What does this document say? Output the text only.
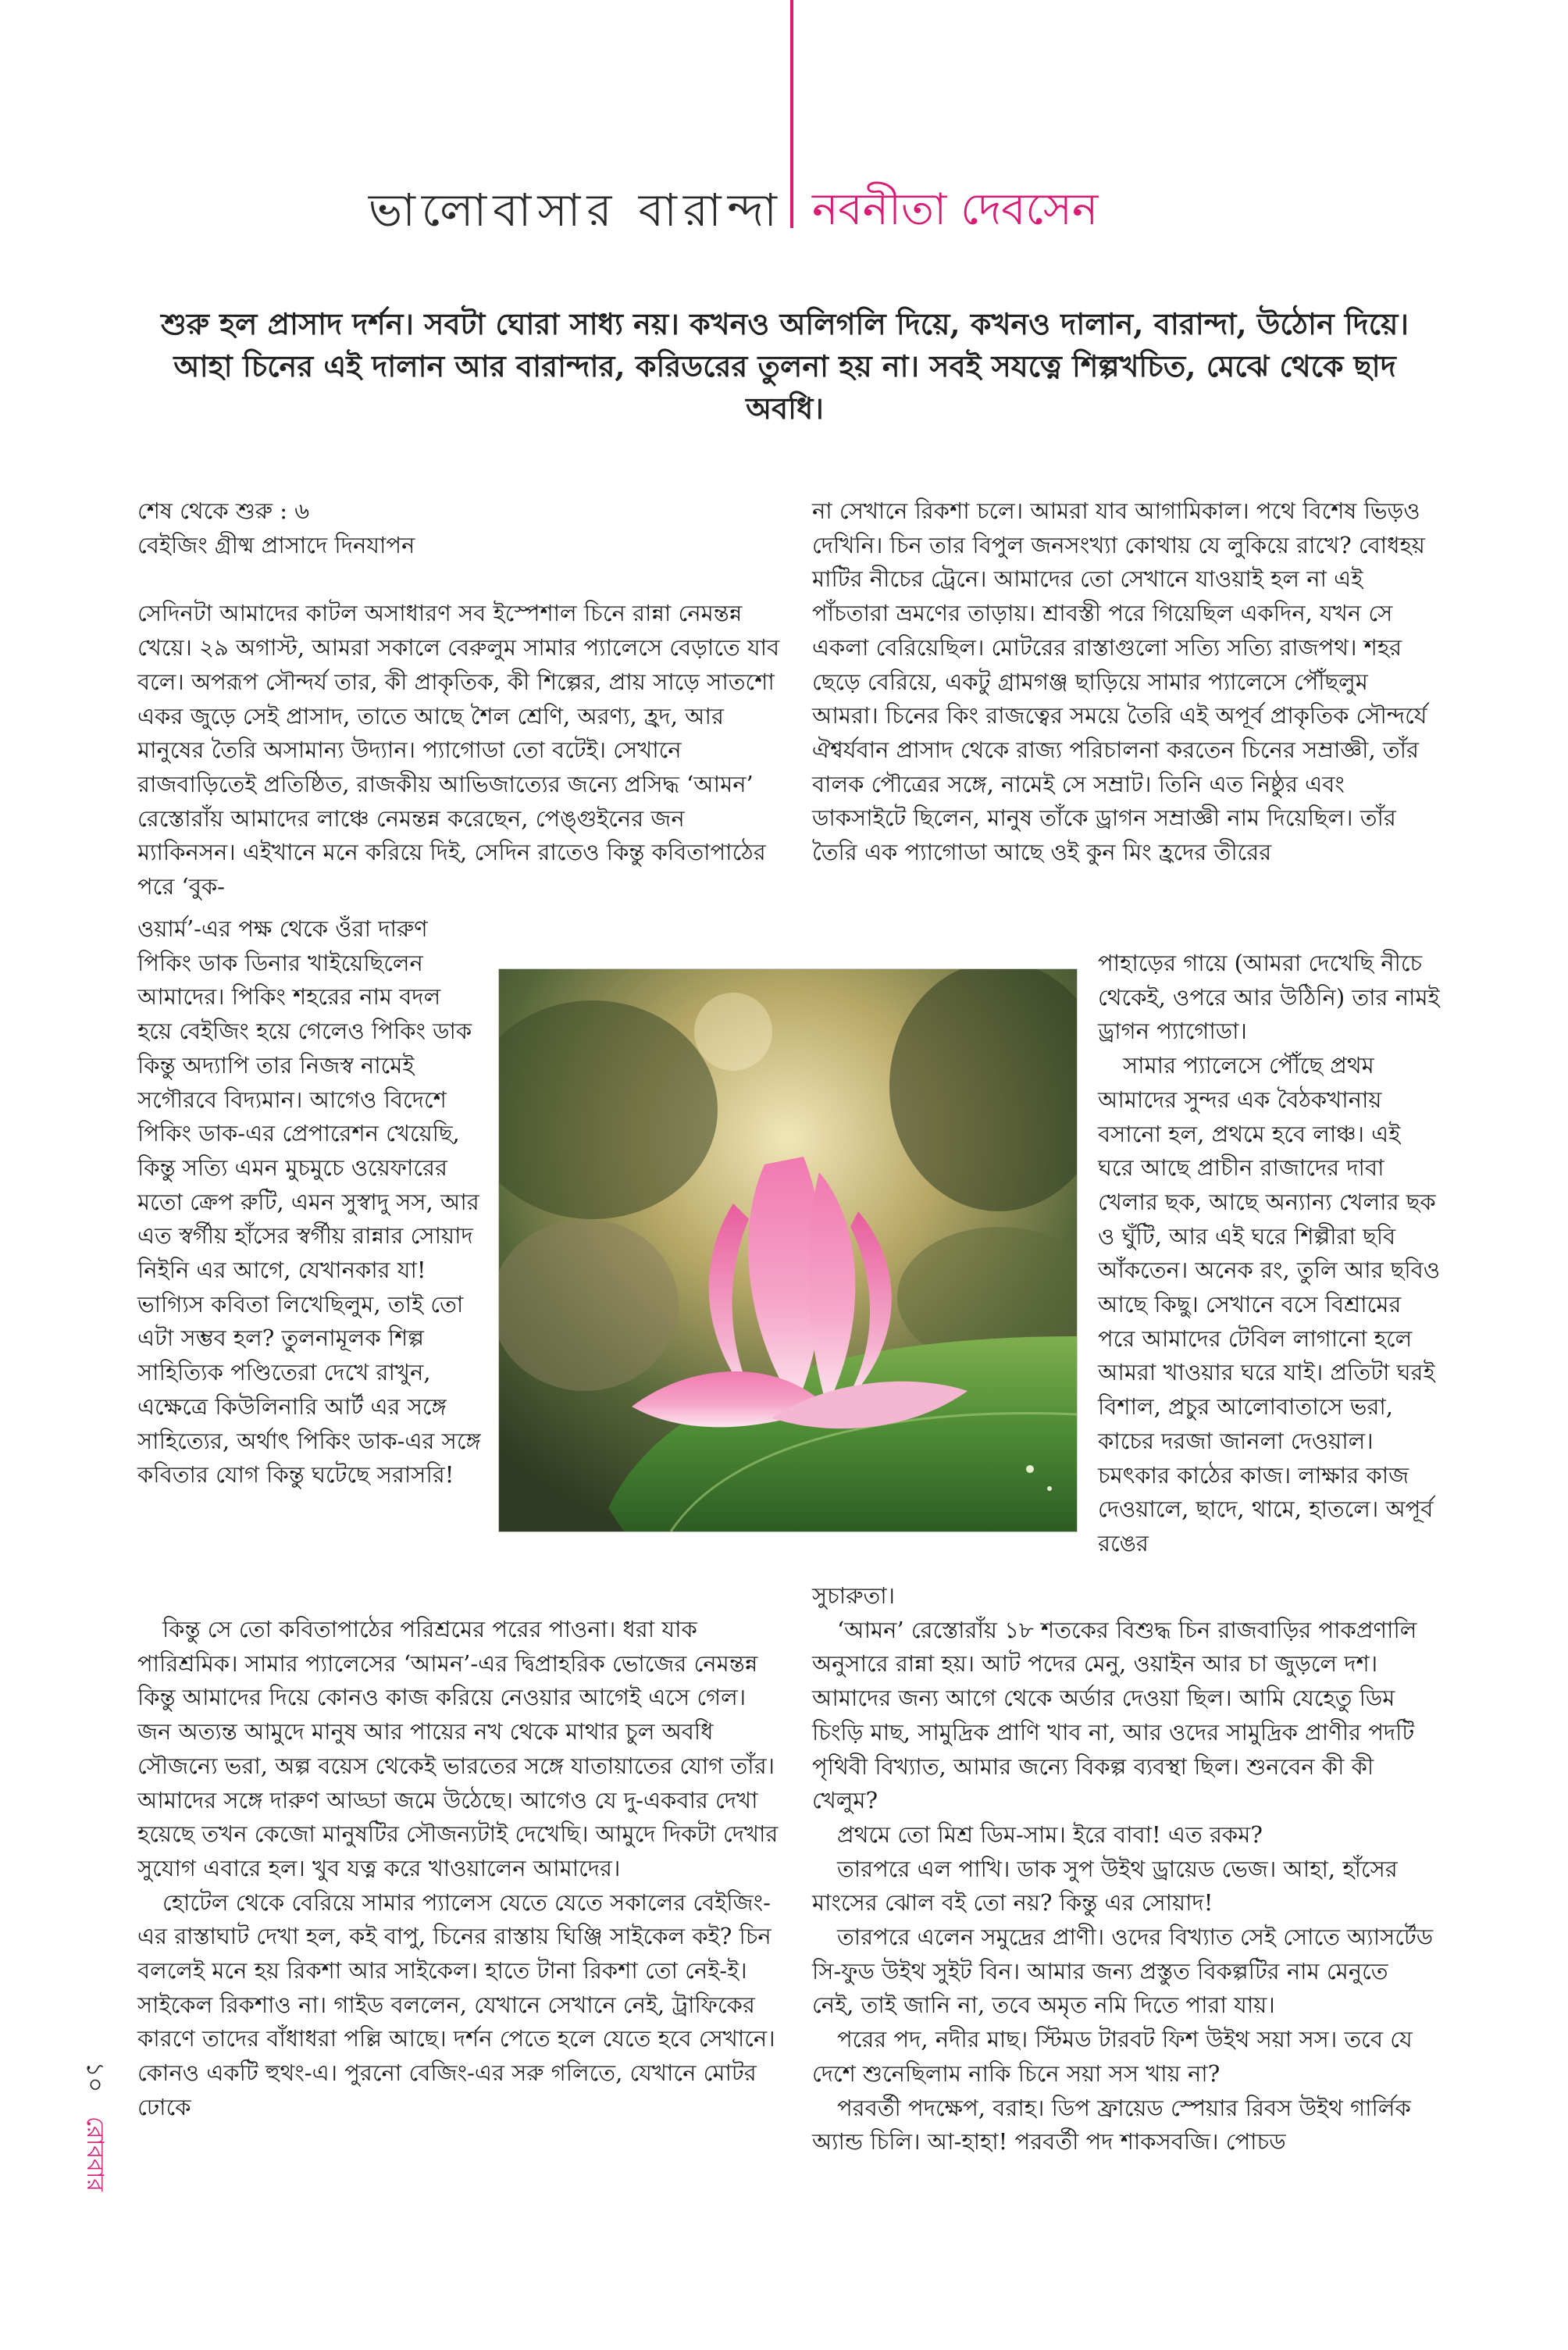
ভালোবাসার বারান্দা নবনীতা দেবসেন
শুরু হল প্রাসাদ দর্শন। সবটা ঘোরা সাধ্য নয়। কখনও অলিগলি দিয়ে, কখনও দালান, বারান্দা, উঠোন দিয়ে। আহা চিনের এই দালান আর বারান্দার, করিডরের তুলনা হয় না। সবই সযত্নে শিল্পখচিত, মেঝে থেকে ছাদ অবধি।

শেষ থেকে শুরু : ৬

বেইজিং গ্রীষ্ম প্রাসাদে দিনযাপন

সেদিনটা আমাদের কাটল অসাধারণ সব ইস্পেশাল চিনে রান্না নেমন্তন্ন খেয়ে। ২৯ অগাস্ট, আমরা সকালে বেরুলুম সামার প্যালেসে বেড়াতে যাব বলে। অপরূপ সৌন্দর্য তার, কী প্রাকৃতিক, কী শিল্পের, প্রায় সাড়ে সাতশো একর জুড়ে সেই প্রাসাদ, তাতে আছে শৈল শ্রেণি, অরণ্য, হ্রদ, আর মানুষের তৈরি অসামান্য উদ্যান। প্যাগোডা তো বটেই। সেখানে রাজবাড়িতেই প্রতিষ্ঠিত, রাজকীয় আভিজাত্যের জন্যে প্রসিদ্ধ ‘আমন’ রেস্তোরাঁয় আমাদের লাঞ্চে নেমন্তন্ন করেছেন, পেঙ্গুইনের জন ম্যাকিনসন। এইখানে মনে করিয়ে দিই, সেদিন রাতেও কিন্তু কবিতাপাঠের পরে ‘বুক-

ওয়ার্ম’-এর পক্ষ থেকে ওঁরা দারুণ পিকিং ডাক ডিনার খাইয়েছিলেন আমাদের। পিকিং শহরের নাম বদল হয়ে বেইজিং হয়ে গেলেও পিকিং ডাক কিন্তু অদ্যাপি তার নিজস্ব নামেই সগৌরবে বিদ্যমান। আগেও বিদেশে পিকিং ডাক-এর প্রেপারেশন খেয়েছি, কিন্তু সত্যি এমন মুচমুচে ওয়েফারের মতো ক্রেপ রুটি, এমন সুস্বাদু সস, আর এত স্বর্গীয় হাঁসের স্বর্গীয় রান্নার সোয়াদ নিইনি এর আগে, যেখানকার যা! ভাগ্যিস কবিতা লিখেছিলুম, তাই তো এটা সম্ভব হল? তুলনামূলক শিল্প সাহিত্যিক পণ্ডিতেরা দেখে রাখুন, এক্ষেত্রে কিউলিনারি আর্ট এর সঙ্গে সাহিত্যের, অর্থাৎ পিকিং ডাক-এর সঙ্গে কবিতার যোগ কিন্তু ঘটেছে সরাসরি!

কিন্তু সে তো কবিতাপাঠের পরিশ্রমের পরের পাওনা। ধরা যাক পারিশ্রমিক। সামার প্যালেসের ‘আমন’-এর দ্বিপ্রাহরিক ভোজের নেমন্তন্ন কিন্তু আমাদের দিয়ে কোনও কাজ করিয়ে নেওয়ার আগেই এসে গেল। জন অত্যন্ত আমুদে মানুষ আর পায়ের নখ থেকে মাথার চুল অবধি সৌজন্যে ভরা, অল্প বয়েস থেকেই ভারতের সঙ্গে যাতায়াতের যোগ তাঁর। আমাদের সঙ্গে দারুণ আড্ডা জমে উঠেছে। আগেও যে দু-একবার দেখা হয়েছে তখন কেজো মানুষটির সৌজন্যটাই দেখেছি। আমুদে দিকটা দেখার সুযোগ এবারে হল। খুব যত্ন করে খাওয়ালেন আমাদের।

হোটেল থেকে বেরিয়ে সামার প্যালেস যেতে যেতে সকালের বেইজিং-এর রাস্তাঘাট দেখা হল, কই বাপু, চিনের রাস্তায় ঘিঞ্জি সাইকেল কই? চিন বললেই মনে হয় রিকশা আর সাইকেল। হাতে টানা রিকশা তো নেই-ই। সাইকেল রিকশাও না। গাইড বললেন, যেখানে সেখানে নেই, ট্রাফিকের কারণে তাদের বাঁধাধরা পল্লি আছে। দর্শন পেতে হলে যেতে হবে সেখানে। কোনও একটি হুথং-এ। পুরনো বেজিং-এর সরু গলিতে, যেখানে মোটর ঢোকে

না সেখানে রিকশা চলে। আমরা যাব আগামিকাল। পথে বিশেষ ভিড়ও দেখিনি। চিন তার বিপুল জনসংখ্যা কোথায় যে লুকিয়ে রাখে? বোধহয় মাটির নীচের ট্রেনে। আমাদের তো সেখানে যাওয়াই হল না এই পাঁচতারা ভ্রমণের তাড়ায়। শ্রাবস্তী পরে গিয়েছিল একদিন, যখন সে একলা বেরিয়েছিল। মোটরের রাস্তাগুলো সত্যি সত্যি রাজপথ। শহর ছেড়ে বেরিয়ে, একটু গ্রামগঞ্জ ছাড়িয়ে সামার প্যালেসে পৌঁছলুম আমরা। চিনের কিং রাজত্বের সময়ে তৈরি এই অপূর্ব প্রাকৃতিক সৌন্দর্যে ঐশ্বর্যবান প্রাসাদ থেকে রাজ্য পরিচালনা করতেন চিনের সম্রাজ্ঞী, তাঁর বালক পৌত্রের সঙ্গে, নামেই সে সম্রাট। তিনি এত নিষ্ঠুর এবং ডাকসাইটে ছিলেন, মানুষ তাঁকে ড্রাগন সম্রাজ্ঞী নাম দিয়েছিল। তাঁর তৈরি এক প্যাগোডা আছে ওই কুন মিং হ্রদের তীরের

পাহাড়ের গায়ে (আমরা দেখেছি নীচে থেকেই, ওপরে আর উঠিনি) তার নামই ড্রাগন প্যাগোডা।

সামার প্যালেসে পৌঁছে প্রথম আমাদের সুন্দর এক বৈঠকখানায় বসানো হল, প্রথমে হবে লাঞ্চ। এই ঘরে আছে প্রাচীন রাজাদের দাবা খেলার ছক, আছে অন্যান্য খেলার ছক ও ঘুঁটি, আর এই ঘরে শিল্পীরা ছবি আঁকতেন। অনেক রং, তুলি আর ছবিও আছে কিছু। সেখানে বসে বিশ্রামের পরে আমাদের টেবিল লাগানো হলে আমরা খাওয়ার ঘরে যাই। প্রতিটা ঘরই বিশাল, প্রচুর আলোবাতাসে ভরা, কাচের দরজা জানলা দেওয়াল। চমৎকার কাঠের কাজ। লাক্ষার কাজ দেওয়ালে, ছাদে, থামে, হাতলে। অপূর্ব রঙের

সুচারুতা।

‘আমন’ রেস্তোরাঁয় ১৮ শতকের বিশুদ্ধ চিন রাজবাড়ির পাকপ্রণালি অনুসারে রান্না হয়। আট পদের মেনু, ওয়াইন আর চা জুড়লে দশ। আমাদের জন্য আগে থেকে অর্ডার দেওয়া ছিল। আমি যেহেতু ডিম চিংড়ি মাছ, সামুদ্রিক প্রাণি খাব না, আর ওদের সামুদ্রিক প্রাণীর পদটি পৃথিবী বিখ্যাত, আমার জন্যে বিকল্প ব্যবস্থা ছিল। শুনবেন কী কী খেলুম?

প্রথমে তো মিশ্র ডিম-সাম। ইরে বাবা! এত রকম?

তারপরে এল পাখি। ডাক সুপ উইথ ড্রায়েড ভেজ। আহা, হাঁসের মাংসের ঝোল বই তো নয়? কিন্তু এর সোয়াদ!

তারপরে এলেন সমুদ্রের প্রাণী। ওদের বিখ্যাত সেই সোতে অ্যাসর্টেড সি-ফুড উইথ সুইট বিন। আমার জন্য প্রস্তুত বিকল্পটির নাম মেনুতে নেই, তাই জানি না, তবে অমৃত নমি দিতে পারা যায়।

পরের পদ, নদীর মাছ। স্টিমড টারবট ফিশ উইথ সয়া সস। তবে যে দেশে শুনেছিলাম নাকি চিনে সয়া সস খায় না?

পরবর্তী পদক্ষেপ, বরাহ। ডিপ ফ্রায়েড স্পেয়ার রিবস উইথ গার্লিক অ্যান্ড চিলি। আ-হাহা! পরবর্তী পদ শাকসবজি। পোচড

১০
রোববার
